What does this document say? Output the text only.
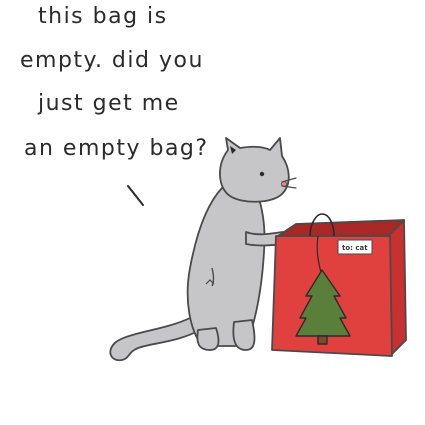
this bag is
empty. did you
just get me
an empty bag?
to: cat
